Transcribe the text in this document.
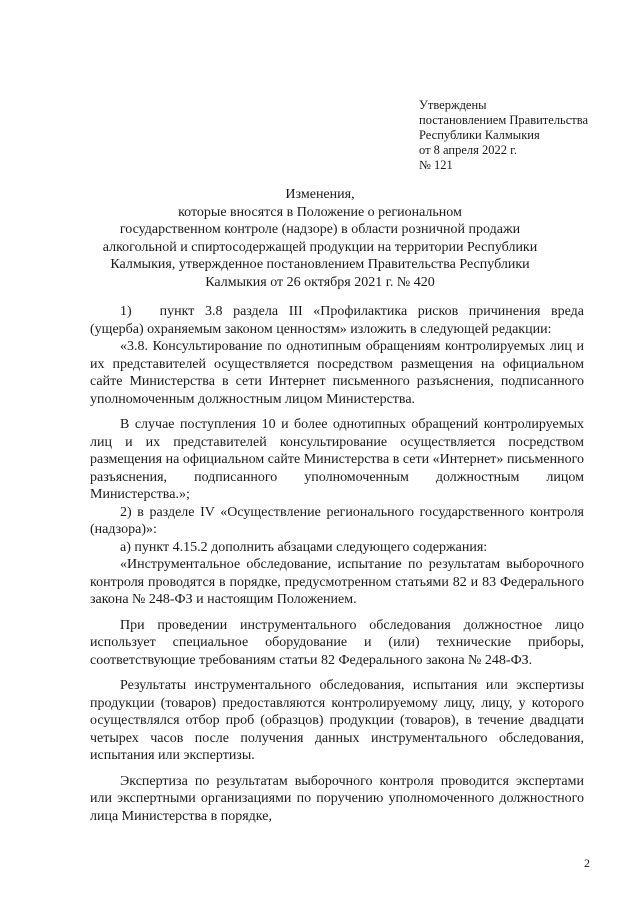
Утверждены
постановлением Правительства
Республики Калмыкия
от 8 апреля 2022 г.
№ 121
Изменения,
которые вносятся в Положение о региональном
государственном контроле (надзоре) в области розничной продажи
алкогольной и спиртосодержащей продукции на территории Республики
Калмыкия, утвержденное постановлением Правительства Республики
Калмыкия от 26 октября 2021 г. № 420

1)  пункт 3.8 раздела III «Профилактика рисков причинения вреда (ущерба) охраняемым законом ценностям» изложить в следующей редакции:

«3.8. Консультирование по однотипным обращениям контролируемых лиц и их представителей осуществляется посредством размещения на официальном сайте Министерства в сети Интернет письменного разъяснения, подписанного уполномоченным должностным лицом Министерства.

В случае поступления 10 и более однотипных обращений контролируемых лиц и их представителей консультирование осуществляется посредством размещения на официальном сайте Министерства в сети «Интернет» письменного разъяснения, подписанного уполномоченным должностным лицом Министерства.»;

2) в разделе IV «Осуществление регионального государственного контроля (надзора)»:

а) пункт 4.15.2 дополнить абзацами следующего содержания:

«Инструментальное обследование, испытание по результатам выборочного контроля проводятся в порядке, предусмотренном статьями 82 и 83 Федерального закона № 248-ФЗ и настоящим Положением.

При проведении инструментального обследования должностное лицо использует специальное оборудование и (или) технические приборы, соответствующие требованиям статьи 82 Федерального закона № 248-ФЗ.

Результаты инструментального обследования, испытания или экспертизы продукции (товаров) предоставляются контролируемому лицу, лицу, у которого осуществлялся отбор проб (образцов) продукции (товаров), в течение двадцати четырех часов после получения данных инструментального обследования, испытания или экспертизы.

Экспертиза по результатам выборочного контроля проводится экспертами или экспертными организациями по поручению уполномоченного должностного лица Министерства в порядке,

2
